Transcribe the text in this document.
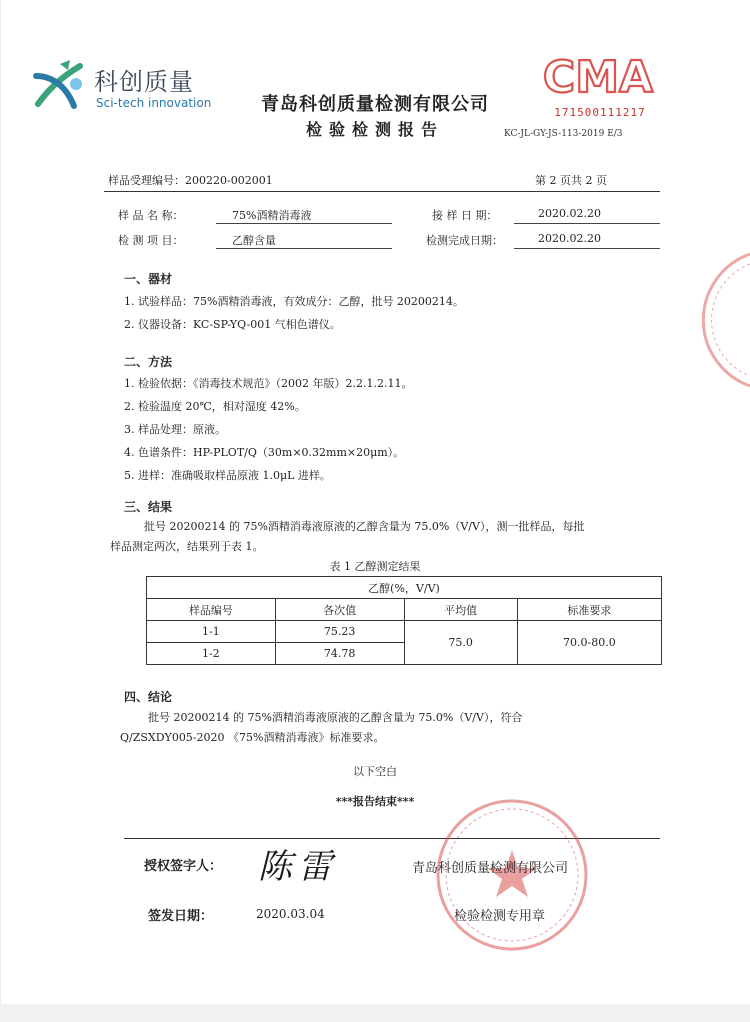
科创质量
Sci-tech innovation	青岛科创质量检测有限公司
检验检测报告
CMA
171500111217
KC-JL-GY-JS-113-2019 E/3
样品受理编号：200220-002001	第 2 页共 2 页
样 品 名 称：	75%酒精消毒液	接 样 日 期：	2020.02.20
检 测 项 目：	乙醇含量	检测完成日期：	2020.02.20
一、器材
1. 试验样品：75%酒精消毒液，有效成分：乙醇，批号 20200214。
2. 仪器设备：KC-SP-YQ-001 气相色谱仪。
二、方法
1. 检验依据：《消毒技术规范》（2002 年版）2.2.1.2.11。
2. 检验温度 20℃，相对湿度 42%。
3. 样品处理：原液。
4. 色谱条件：HP-PLOT/Q（30m×0.32mm×20μm）。
5. 进样：准确吸取样品原液 1.0μL 进样。
三、结果
批号 20200214 的 75%酒精消毒液原液的乙醇含量为 75.0%（V/V），测一批样品，每批
样品测定两次，结果列于表 1。
表 1 乙醇测定结果
乙醇(%，V/V)			
样品编号	各次值	平均值	标准要求
1-1	75.23	75.0	70.0-80.0
1-2	74.78		
四、结论
批号 20200214 的 75%酒精消毒液原液的乙醇含量为 75.0%（V/V），符合
Q/ZSXDY005-2020 《75%酒精消毒液》标准要求。
以下空白
***报告结束***
授权签字人： 陈雷
签发日期：	2020.03.04
青岛科创质量检测有限公司
检验检测专用章
